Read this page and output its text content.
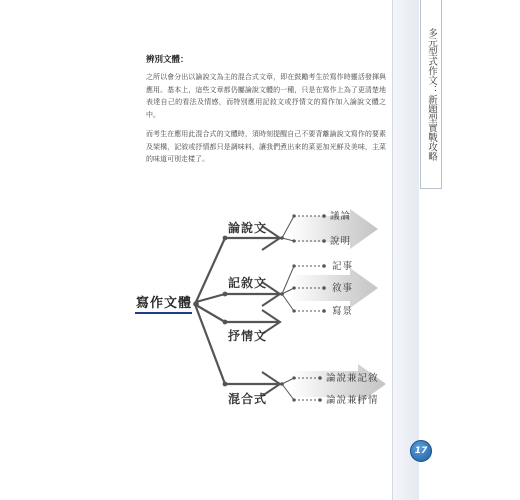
多元型式作文：新題型實戰攻略
辨別文體：

之所以會分出以論說文為主的混合式文章，即在鼓勵考生於寫作時靈活發揮與應用。基本上，這些文章都仍屬論說文體的一種，只是在寫作上為了更清楚地表達自己的看法及情感，而特別應用記敘文或抒情文的寫作加入論說文體之中。

而考生在應用此混合式的文體時，須時刻提醒自己不要背離論說文寫作的要素及架構，記敘或抒情都只是調味料，讓我們煮出來的菜更加光鮮及美味，主菜的味道可別走樣了。

寫作文體
論說文
記敘文
抒情文
混合式
議論
說明
記事
敘事
寫景
論說兼記敘
論說兼抒情
17
